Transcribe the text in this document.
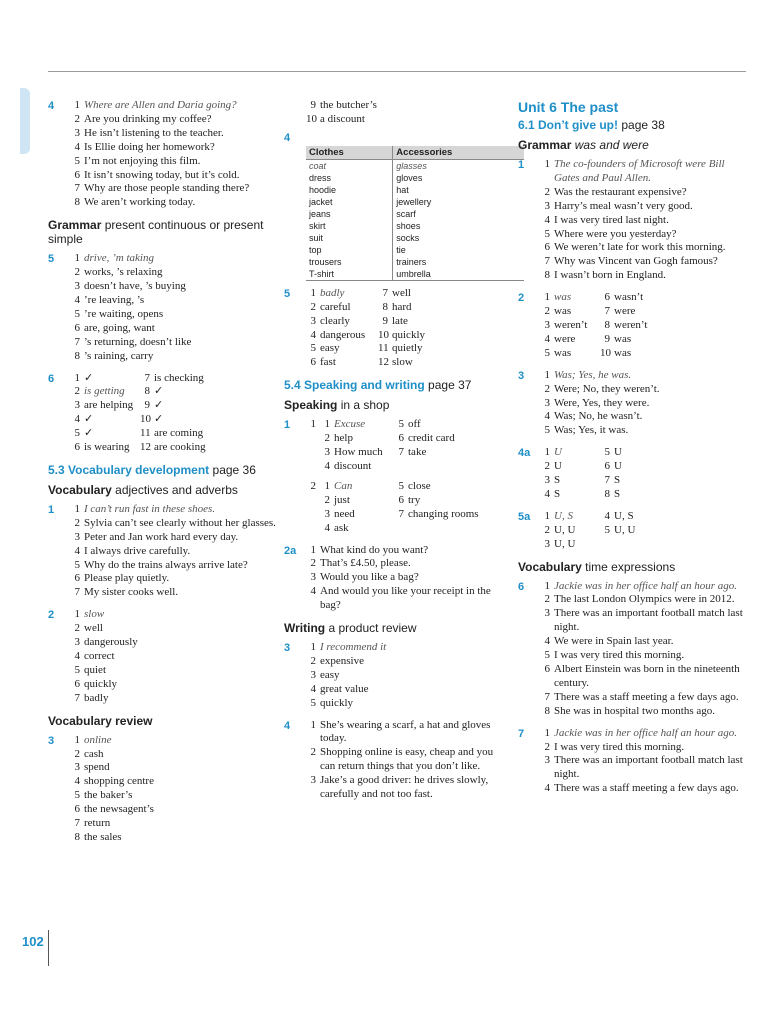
4	1 Where are Allen and Daria going?
2 Are you drinking my coffee?
3 He isn’t listening to the teacher.
4 Is Ellie doing her homework?
5 I’m not enjoying this film.
6 It isn’t snowing today, but it’s cold.
7 Why are those people standing there?
8 We aren’t working today.
Grammar present continuous or present simple
5	1 drive, ’m taking
2 works, ’s relaxing
3 doesn’t have, ’s buying
4 ’re leaving, ’s
5 ’re waiting, opens
6 are, going, want
7 ’s returning, doesn’t like
8 ’s raining, carry
6	1 ✓	7 is checking
2 is getting	8 ✓
3 are helping	9 ✓
4 ✓	10 ✓
5 ✓	11 are coming
6 is wearing 12 are cooking
5.3 Vocabulary development page 36
Vocabulary adjectives and adverbs
1	1 I can’t run fast in these shoes.
2 Sylvia can’t see clearly without her glasses.
3 Peter and Jan work hard every day.
4 I always drive carefully.
5 Why do the trains always arrive late?
6 Please play quietly.
7 My sister cooks well.
2	1 slow
2 well
3 dangerously
4 correct
5 quiet
6 quickly
7 badly
Vocabulary review
3	1 online
2 cash
3 spend
4 shopping centre
5 the baker’s
6 the newsagent’s
7 return
8 the sales
9 the butcher’s
10 a discount
4
Clothes	Accessories
coat	glasses
dress	gloves
hoodie	hat
jacket	jewellery
jeans	scarf
skirt	shoes
suit	socks
top	tie
trousers	trainers
T-shirt	umbrella
5	1 badly	7 well
2 careful	8 hard
3 clearly	9 late
4 dangerous 10 quickly
5 easy	11 quietly
6 fast	12 slow
5.4 Speaking and writing page 37
Speaking in a shop
1	1 1 Excuse	5 off
2 help	6 credit card
3 How much	7 take
4 discount
2 1 Can	5 close
2 just	6 try
3 need	7 changing rooms
4 ask
2a	1 What kind do you want?
2 That’s £4.50, please.
3 Would you like a bag?
4 And would you like your receipt in the bag?
Writing a product review
3	1 I recommend it
2 expensive
3 easy
4 great value
5 quickly
4	1 She’s wearing a scarf, a hat and gloves today.
2 Shopping online is easy, cheap and you can return things that you don’t like.
3 Jake’s a good driver: he drives slowly, carefully and not too fast.
Unit 6 The past
6.1 Don’t give up! page 38
Grammar was and were
1	1 The co-founders of Microsoft were Bill Gates and Paul Allen.
2 Was the restaurant expensive?
3 Harry’s meal wasn’t very good.
4 I was very tired last night.
5 Where were you yesterday?
6 We weren’t late for work this morning.
7 Why was Vincent van Gogh famous?
8 I wasn’t born in England.
2	1 was	6 wasn’t
2 was	7 were
3 weren’t	8 weren’t
4 were	9 was
5 was	10 was
3	1 Was; Yes, he was.
2 Were; No, they weren’t.
3 Were, Yes, they were.
4 Was; No, he wasn’t.
5 Was; Yes, it was.
4a	1 U	5 U
2 U	6 U
3 S	7 S
4 S	8 S
5a	1 U, S	4 U, S
2 U, U	5 U, U
3 U, U
Vocabulary time expressions
6	1 Jackie was in her office half an hour ago.
2 The last London Olympics were in 2012.
3 There was an important football match last night.
4 We were in Spain last year.
5 I was very tired this morning.
6 Albert Einstein was born in the nineteenth century.
7 There was a staff meeting a few days ago.
8 She was in hospital two months ago.
7	1 Jackie was in her office half an hour ago.
2 I was very tired this morning.
3 There was an important football match last night.
4 There was a staff meeting a few days ago.
102
